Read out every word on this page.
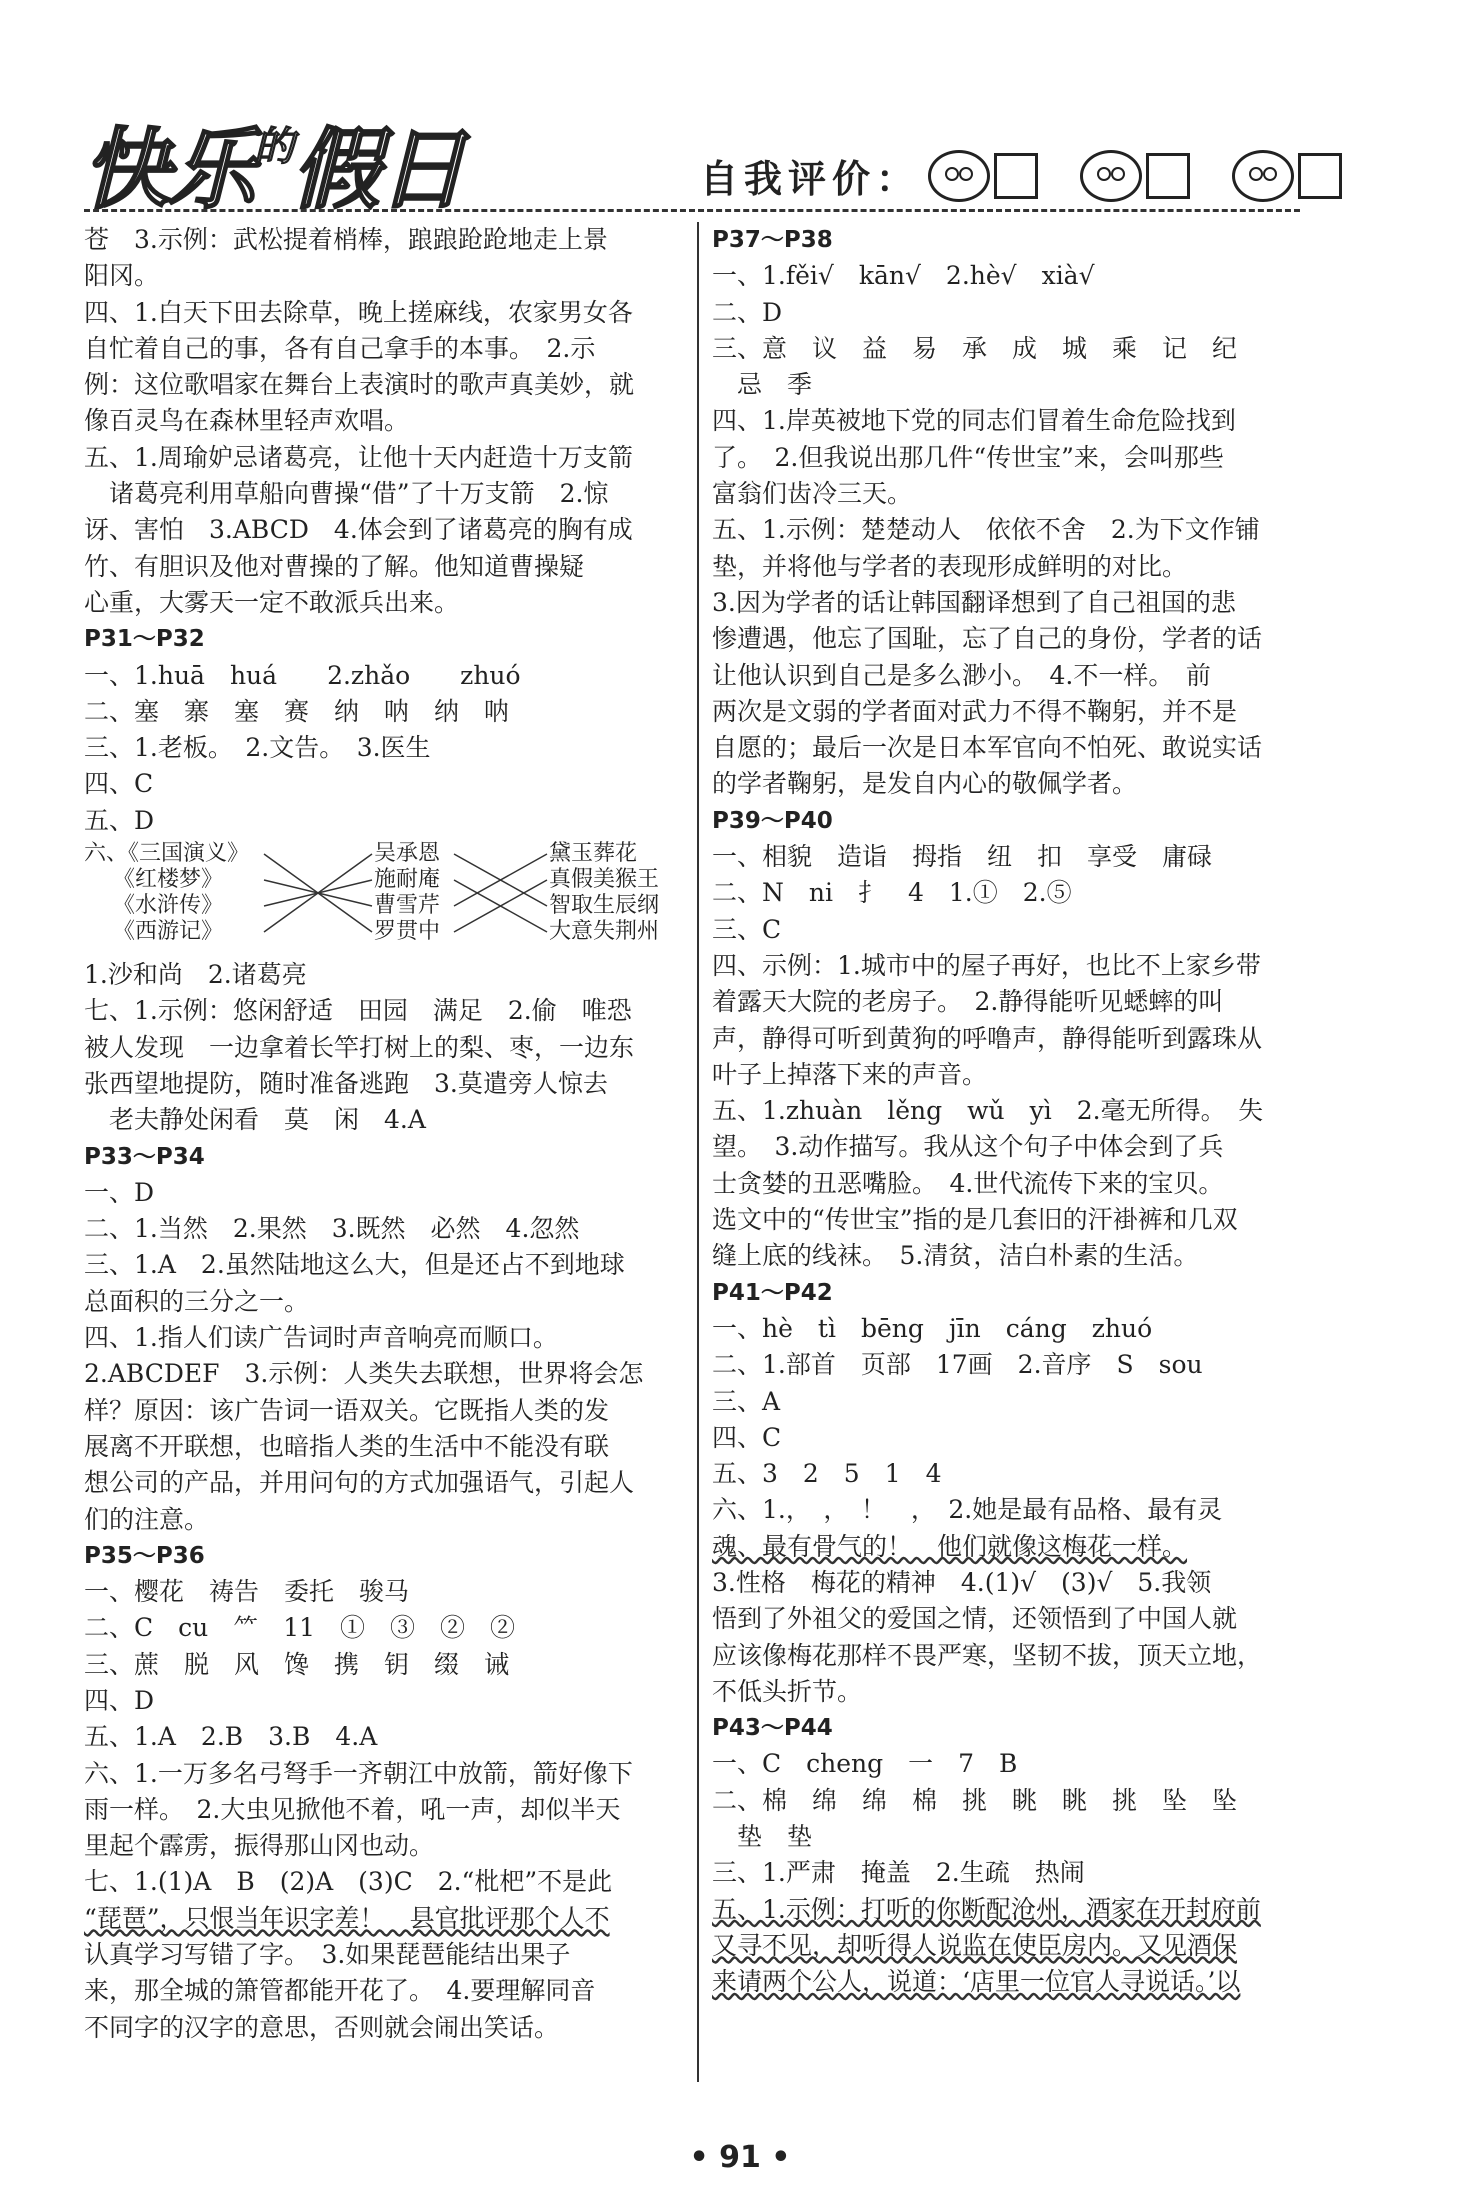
快乐$^的$假日	自我评价：
苍　3.示例：武松提着梢棒，踉踉跄跄地走上景
阳冈。
四、1.白天下田去除草，晚上搓麻线，农家男女各
自忙着自己的事，各有自己拿手的本事。　2.示
例：这位歌唱家在舞台上表演时的歌声真美妙，就
像百灵鸟在森林里轻声欢唱。
五、1.周瑜妒忌诸葛亮，让他十天内赶造十万支箭
　诸葛亮利用草船向曹操“借”了十万支箭　2.惊
讶、害怕　3.ABCD　4.体会到了诸葛亮的胸有成
竹、有胆识及他对曹操的了解。他知道曹操疑
心重，大雾天一定不敢派兵出来。
P31～P32
一、1.huā　huá　　2.zhǎo　　zhuó
二、塞　寨　塞　赛　纳　呐　纳　呐
三、1.老板。　2.文告。　3.医生
四、C
五、D
六、《三国演义》
　 《红楼梦》
　 《水浒传》
　 《西游记》
吴承恩
施耐庵
曹雪芹
罗贯中
黛玉葬花
真假美猴王
智取生辰纲
大意失荆州
1.沙和尚　2.诸葛亮
七、1.示例：悠闲舒适　田园　满足　2.偷　唯恐
被人发现　一边拿着长竿打树上的梨、枣，一边东
张西望地提防，随时准备逃跑　3.莫遣旁人惊去
　老夫静处闲看　莫　闲　4.A
P33～P34
一、D
二、1.当然　2.果然　3.既然　必然　4.忽然
三、1.A　2.虽然陆地这么大，但是还占不到地球
总面积的三分之一。
四、1.指人们读广告词时声音响亮而顺口。
2.ABCDEF　3.示例：人类失去联想，世界将会怎
样？原因：该广告词一语双关。它既指人类的发
展离不开联想，也暗指人类的生活中不能没有联
想公司的产品，并用问句的方式加强语气，引起人
们的注意。
P35～P36
一、樱花　祷告　委托　骏马
二、C　cu　⺮　11　①　③　②　②
三、蔗　脱　风　馋　携　钥　缀　诫
四、D
五、1.A　2.B　3.B　4.A
六、1.一万多名弓弩手一齐朝江中放箭，箭好像下
雨一样。　2.大虫见掀他不着，吼一声，却似半天
里起个霹雳，振得那山冈也动。
七、1.(1)A　B　(2)A　(3)C　2.“枇杷”不是此
“琵琶”，只恨当年识字差！　县官批评那个人不
认真学习写错了字。　3.如果琵琶能结出果子
来，那全城的箫管都能开花了。　4.要理解同音
不同字的汉字的意思，否则就会闹出笑话。
P37～P38
一、1.fěi√　kān√　2.hè√　xià√
二、D
三、意　议　益　易　承　成　城　乘　记　纪
　忌　季
四、1.岸英被地下党的同志们冒着生命危险找到
了。　2.但我说出那几件“传世宝”来，会叫那些
富翁们齿冷三天。
五、1.示例：楚楚动人　依依不舍　2.为下文作铺
垫，并将他与学者的表现形成鲜明的对比。
3.因为学者的话让韩国翻译想到了自己祖国的悲
惨遭遇，他忘了国耻，忘了自己的身份，学者的话
让他认识到自己是多么渺小。　4.不一样。　前
两次是文弱的学者面对武力不得不鞠躬，并不是
自愿的；最后一次是日本军官向不怕死、敢说实话
的学者鞠躬，是发自内心的敬佩学者。
P39～P40
一、相貌　造诣　拇指　纽　扣　享受　庸碌
二、N　ni　扌　4　1.①　2.⑤
三、C
四、示例：1.城市中的屋子再好，也比不上家乡带
着露天大院的老房子。　2.静得能听见蟋蟀的叫
声，静得可听到黄狗的呼噜声，静得能听到露珠从
叶子上掉落下来的声音。
五、1.zhuàn　lěng　wǔ　yì　2.毫无所得。　失
望。　3.动作描写。我从这个句子中体会到了兵
士贪婪的丑恶嘴脸。　4.世代流传下来的宝贝。
选文中的“传世宝”指的是几套旧的汗褂裤和几双
缝上底的线袜。　5.清贫，洁白朴素的生活。
P41～P42
一、hè　tì　bēng　jīn　cáng　zhuó
二、1.部首　页部　17画　2.音序　S　sou
三、A
四、C
五、3　2　5　1　4
六、1.，　，　！　，　2.她是最有品格、最有灵
魂、最有骨气的！　他们就像这梅花一样。
3.性格　梅花的精神　4.(1)√　(3)√　5.我领
悟到了外祖父的爱国之情，还领悟到了中国人就
应该像梅花那样不畏严寒，坚韧不拔，顶天立地，
不低头折节。
P43～P44
一、C　cheng　一　7　B
二、棉　绵　绵　棉　挑　眺　眺　挑　坠　坠
　垫　垫
三、1.严肃　掩盖　2.生疏　热闹
五、1.示例：打听的你断配沧州，酒家在开封府前
又寻不见，却听得人说监在使臣房内。又见酒保
来请两个公人，说道：‘店里一位官人寻说话。’以
• 91 •
